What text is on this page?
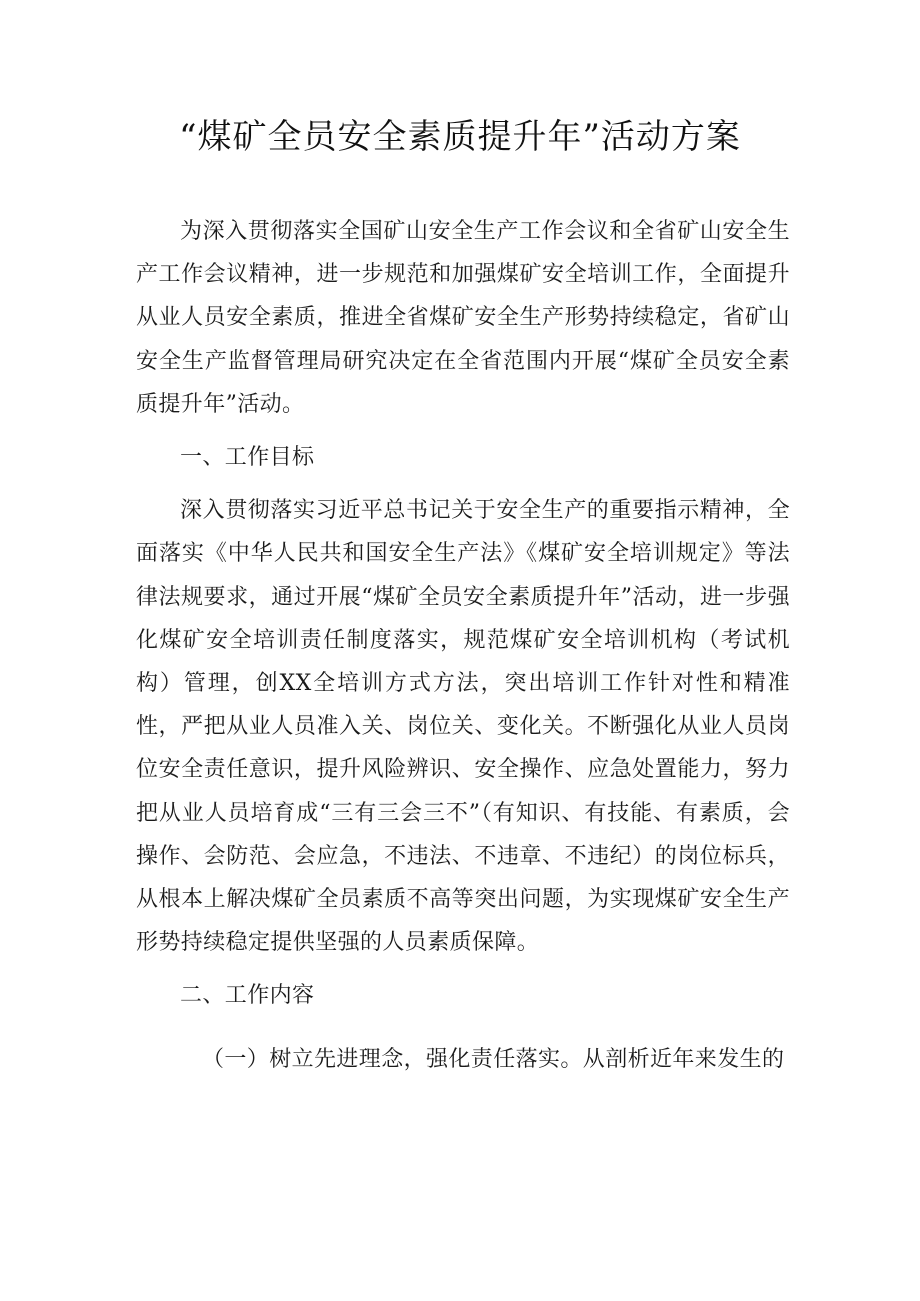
“煤矿全员安全素质提升年”活动方案

为深入贯彻落实全国矿山安全生产工作会议和全省矿山安全生产工作会议精神，进一步规范和加强煤矿安全培训工作，全面提升从业人员安全素质，推进全省煤矿安全生产形势持续稳定，省矿山安全生产监督管理局研究决定在全省范围内开展“煤矿全员安全素质提升年”活动。

一、工作目标

深入贯彻落实习近平总书记关于安全生产的重要指示精神，全面落实《中华人民共和国安全生产法》《煤矿安全培训规定》等法律法规要求，通过开展“煤矿全员安全素质提升年”活动，进一步强化煤矿安全培训责任制度落实，规范煤矿安全培训机构（考试机构）管理，创XX全培训方式方法，突出培训工作针对性和精准性，严把从业人员准入关、岗位关、变化关。不断强化从业人员岗位安全责任意识，提升风险辨识、安全操作、应急处置能力，努力把从业人员培育成“三有三会三不”（有知识、有技能、有素质，会操作、会防范、会应急，不违法、不违章、不违纪）的岗位标兵，从根本上解决煤矿全员素质不高等突出问题，为实现煤矿安全生产形势持续稳定提供坚强的人员素质保障。

二、工作内容

（一）树立先进理念，强化责任落实。从剖析近年来发生的
